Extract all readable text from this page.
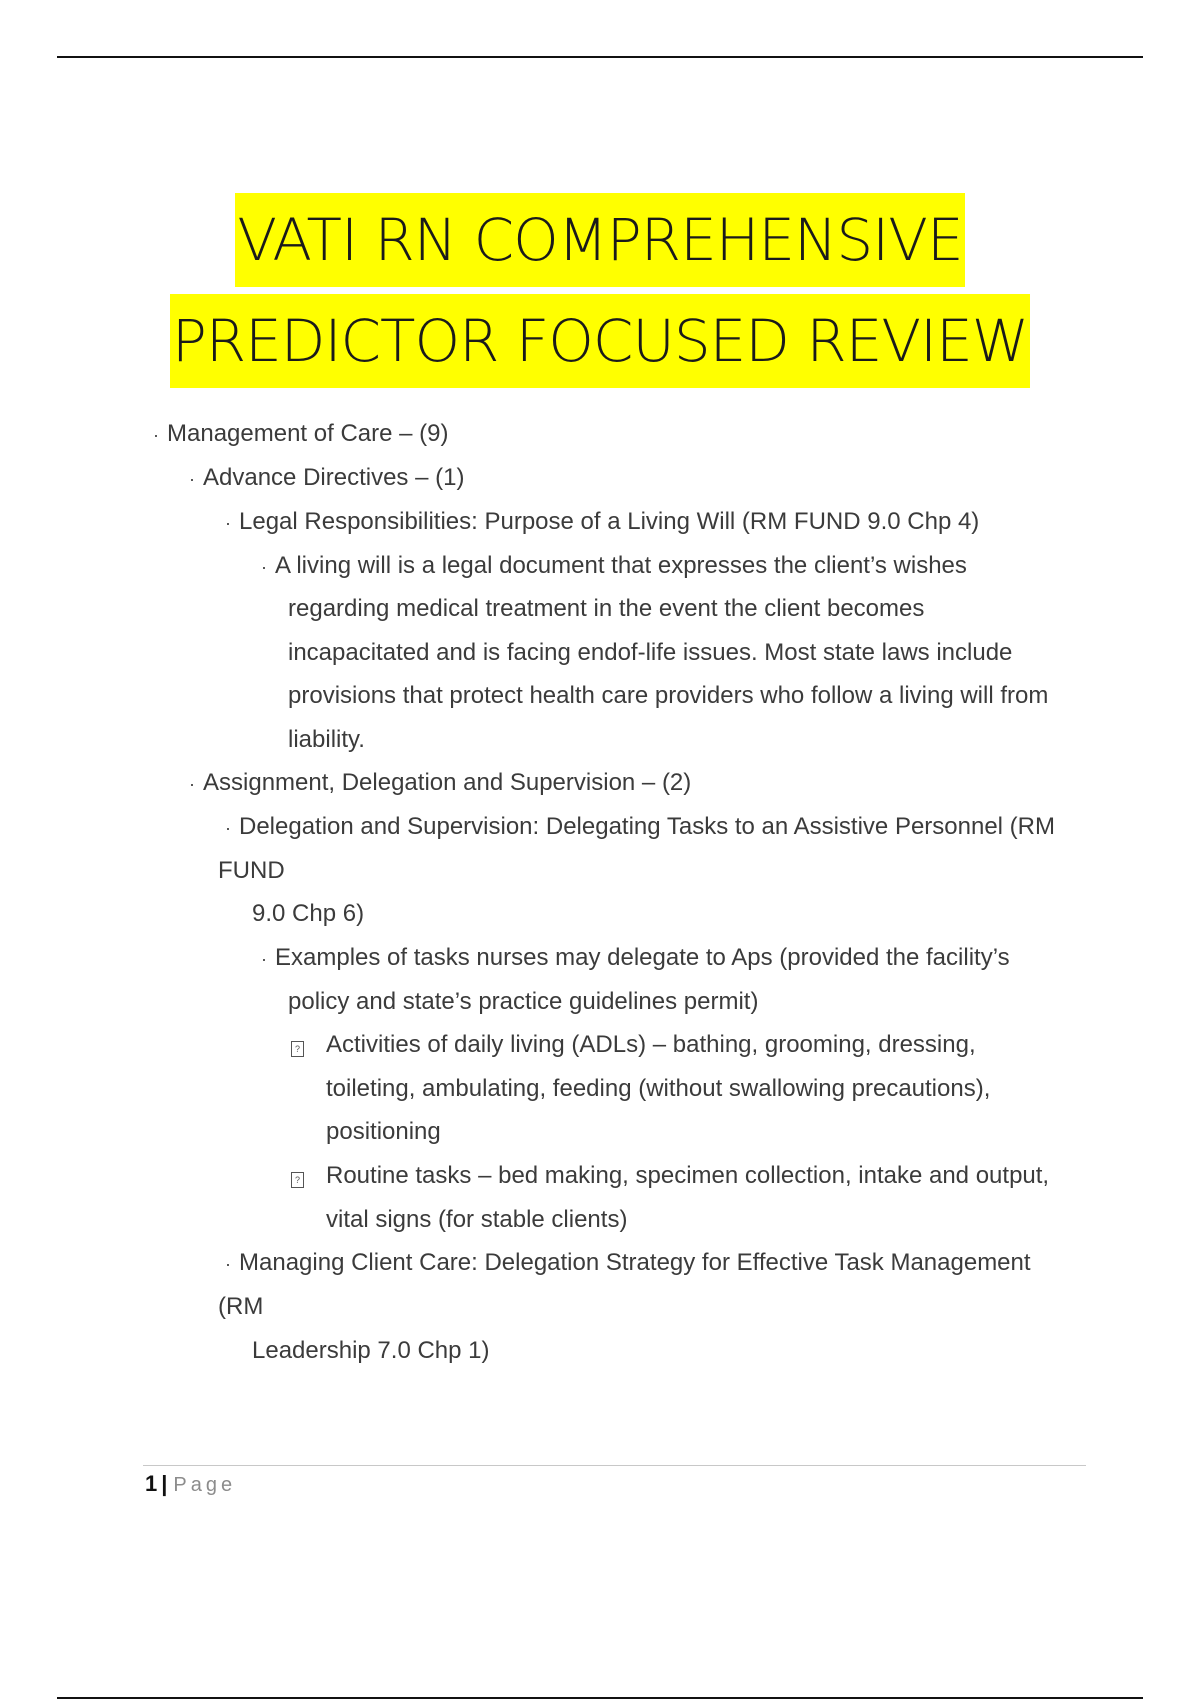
VATI RN COMPREHENSIVE
PREDICTOR FOCUSED REVIEW
· Management of Care – (9)
· Advance Directives – (1)
· Legal Responsibilities: Purpose of a Living Will (RM FUND 9.0 Chp 4)
· A living will is a legal document that expresses the client’s wishes
regarding medical treatment in the event the client becomes
incapacitated and is facing endof-life issues. Most state laws include
provisions that protect health care providers who follow a living will from
liability.
· Assignment, Delegation and Supervision – (2)
· Delegation and Supervision: Delegating Tasks to an Assistive Personnel (RM
FUND
9.0 Chp 6)
· Examples of tasks nurses may delegate to Aps (provided the facility’s
policy and state’s practice guidelines permit)
? Activities of daily living (ADLs) – bathing, grooming, dressing,
toileting, ambulating, feeding (without swallowing precautions),
positioning
? Routine tasks – bed making, specimen collection, intake and output,
vital signs (for stable clients)
· Managing Client Care: Delegation Strategy for Effective Task Management
(RM
Leadership 7.0 Chp 1)
1 | Page
